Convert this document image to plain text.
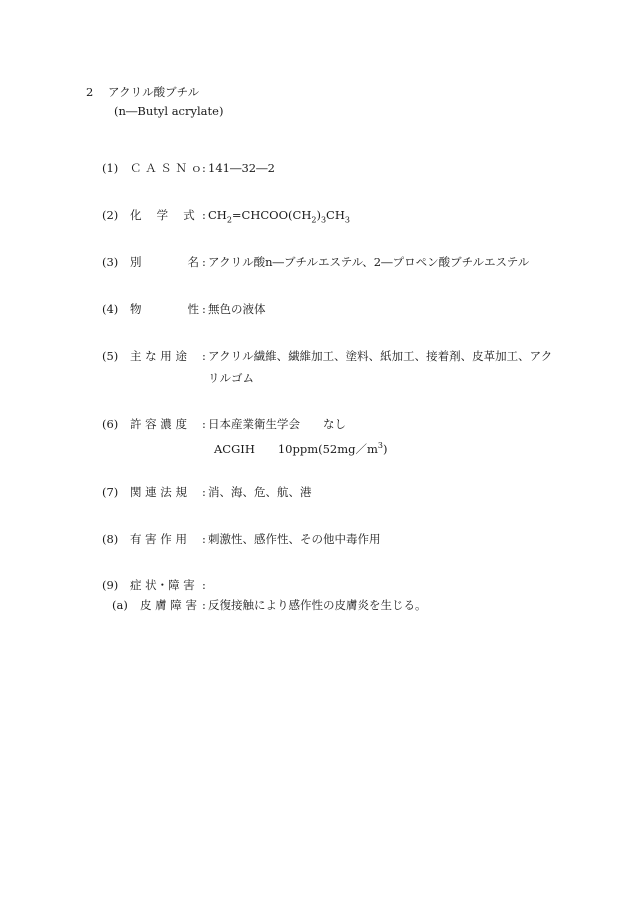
2 アクリル酸ブチル
(n―Butyl acrylate)
(1) Ｃ Ａ Ｓ Ｎ ｏ: 141―32―2
(2) 化　 学　 式 : $CH_2=CHCOO(CH_2)_3CH_3$
(3) 別　　　　名 : アクリル酸n―ブチルエステル、2―プロペン酸ブチルエステル
(4) 物　　　　性 : 無色の液体
(5) 主 な 用 途 : アクリル繊維、繊維加工、塗料、紙加工、接着剤、皮革加工、アクリルゴム
(6) 許 容 濃 度 : 日本産業衛生学会　　なし
ACGIH　　$10ppm(52mg/m^3)$
(7) 関 連 法 規 : 消、海、危、航、港
(8) 有 害 作 用 : 刺激性、感作性、その他中毒作用
(9) 症 状・障 害 :
(a) 皮 膚 障 害 : 反復接触により感作性の皮膚炎を生じる。
